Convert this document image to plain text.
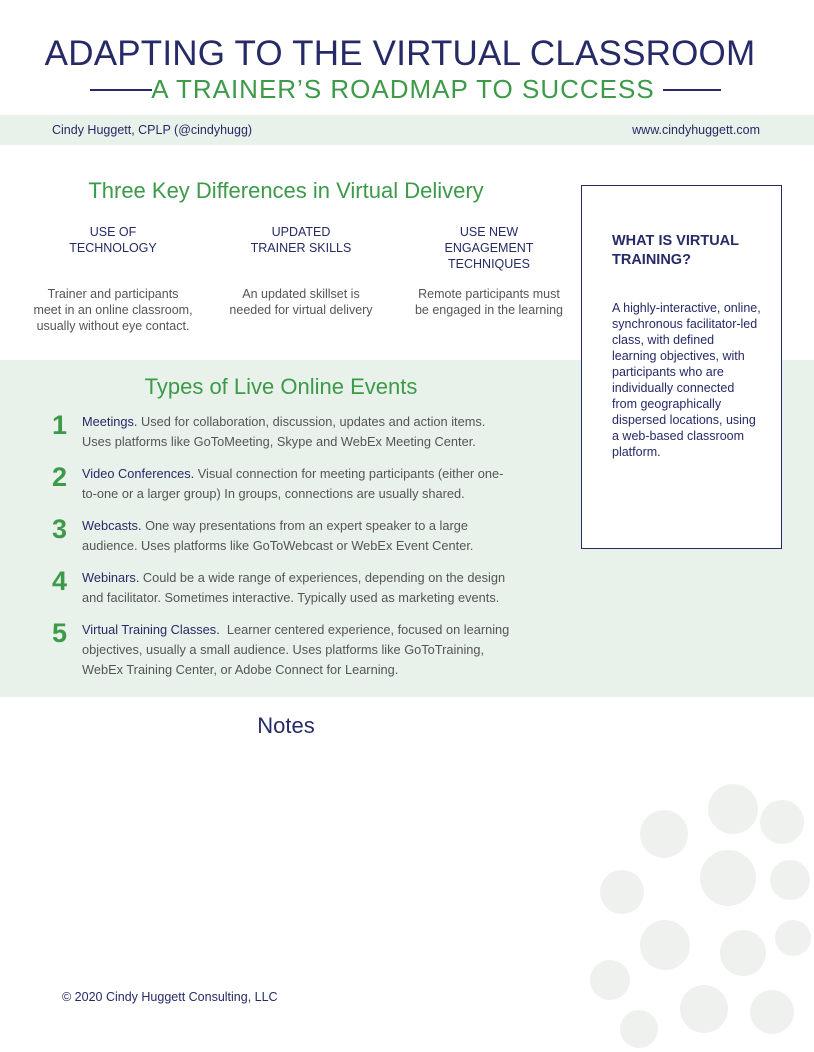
ADAPTING TO THE VIRTUAL CLASSROOM
A TRAINER’S ROADMAP TO SUCCESS
Cindy Huggett, CPLP (@cindyhugg)	www.cindyhuggett.com
Three Key Differences in Virtual Delivery
USE OF
TECHNOLOGY
Trainer and participants
meet in an online classroom,
usually without eye contact.
UPDATED
TRAINER SKILLS
An updated skillset is
needed for virtual delivery
USE NEW
ENGAGEMENT
TECHNIQUES
Remote participants must
be engaged in the learning
Types of Live Online Events
1	Meetings. Used for collaboration, discussion, updates and action items.
Uses platforms like GoToMeeting, Skype and WebEx Meeting Center.
2	Video Conferences. Visual connection for meeting participants (either one-
to-one or a larger group) In groups, connections are usually shared.
3	Webcasts. One way presentations from an expert speaker to a large
audience. Uses platforms like GoToWebcast or WebEx Event Center.
4	Webinars. Could be a wide range of experiences, depending on the design
and facilitator. Sometimes interactive. Typically used as marketing events.
5	Virtual Training Classes.  Learner centered experience, focused on learning
objectives, usually a small audience. Uses platforms like GoToTraining,
WebEx Training Center, or Adobe Connect for Learning.
WHAT IS VIRTUAL TRAINING?
A highly-interactive, online, synchronous facilitator-led class, with defined learning objectives, with participants who are individually connected from geographically dispersed locations, using a web-based classroom platform.
Notes
© 2020 Cindy Huggett Consulting, LLC
